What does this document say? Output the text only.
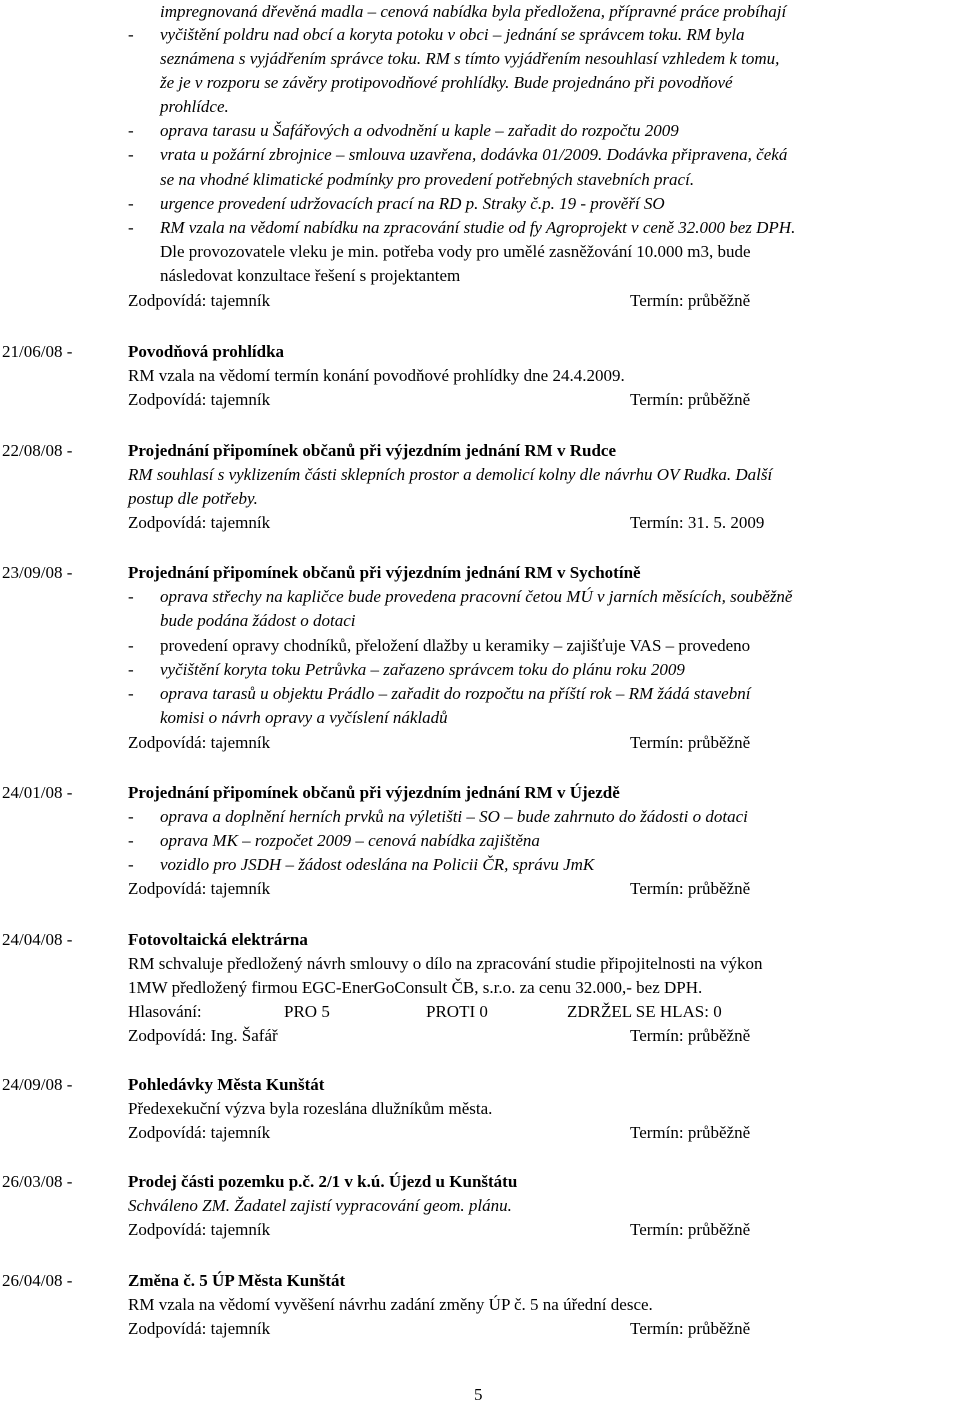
impregnovaná dřevěná madla – cenová nabídka byla předložena, přípravné práce probíhají
- vyčištění poldru nad obcí a koryta potoku v obci – jednání se správcem toku. RM byla
seznámena s vyjádřením správce toku. RM s tímto vyjádřením nesouhlasí vzhledem k tomu,
že je v rozporu se závěry protipovodňové prohlídky. Bude projednáno při povodňové
prohlídce.
- oprava tarasu u Šafářových a odvodnění u kaple – zařadit do rozpočtu 2009
- vrata u požární zbrojnice – smlouva uzavřena, dodávka 01/2009. Dodávka připravena, čeká
se na vhodné klimatické podmínky pro provedení potřebných stavebních prací.
- urgence provedení udržovacích prací na RD p. Straky č.p. 19 - prověří SO
- RM vzala na vědomí nabídku na zpracování studie od fy Agroprojekt v ceně 32.000 bez DPH.
Dle provozovatele vleku je min. potřeba vody pro umělé zasněžování 10.000 m3, bude
následovat konzultace řešení s projektantem
Zodpovídá: tajemník	Termín: průběžně
21/06/08 -	Povodňová prohlídka
RM vzala na vědomí termín konání povodňové prohlídky dne 24.4.2009.
Zodpovídá: tajemník	Termín: průběžně
22/08/08 -	Projednání připomínek občanů při výjezdním jednání RM v Rudce
RM souhlasí s vyklizením části sklepních prostor a demolicí kolny dle návrhu OV Rudka. Další
postup dle potřeby.
Zodpovídá: tajemník	Termín: 31. 5. 2009
23/09/08 -	Projednání připomínek občanů při výjezdním jednání RM v Sychotíně
- oprava střechy na kapličce bude provedena pracovní četou MÚ v jarních měsících, souběžně
bude podána žádost o dotaci
- provedení opravy chodníků, přeložení dlažby u keramiky – zajišťuje VAS – provedeno
- vyčištění koryta toku Petrůvka – zařazeno správcem toku do plánu roku 2009
- oprava tarasů u objektu Prádlo – zařadit do rozpočtu na příští rok – RM žádá stavební
komisi o návrh opravy a vyčíslení nákladů
Zodpovídá: tajemník	Termín: průběžně
24/01/08 -	Projednání připomínek občanů při výjezdním jednání RM v Újezdě
- oprava a doplnění herních prvků na výletišti – SO – bude zahrnuto do žádosti o dotaci
- oprava MK – rozpočet 2009 – cenová nabídka zajištěna
- vozidlo pro JSDH – žádost odeslána na Policii ČR, správu JmK
Zodpovídá: tajemník	Termín: průběžně
24/04/08 -	Fotovoltaická elektrárna
RM schvaluje předložený návrh smlouvy o dílo na zpracování studie připojitelnosti na výkon
1MW předložený firmou EGC-EnerGoConsult ČB, s.r.o. za cenu 32.000,- bez DPH.
Hlasování:	PRO 5	PROTI 0	ZDRŽEL SE HLAS: 0
Zodpovídá: Ing. Šafář	Termín: průběžně
24/09/08 -	Pohledávky Města Kunštát
Předexekuční výzva byla rozeslána dlužníkům města.
Zodpovídá: tajemník	Termín: průběžně
26/03/08 -	Prodej části pozemku p.č. 2/1 v k.ú. Újezd u Kunštátu
Schváleno ZM. Žadatel zajistí vypracování geom. plánu.
Zodpovídá: tajemník	Termín: průběžně
26/04/08 -	Změna č. 5 ÚP Města Kunštát
RM vzala na vědomí vyvěšení návrhu zadání změny ÚP č. 5 na úřední desce.
Zodpovídá: tajemník	Termín: průběžně
5
